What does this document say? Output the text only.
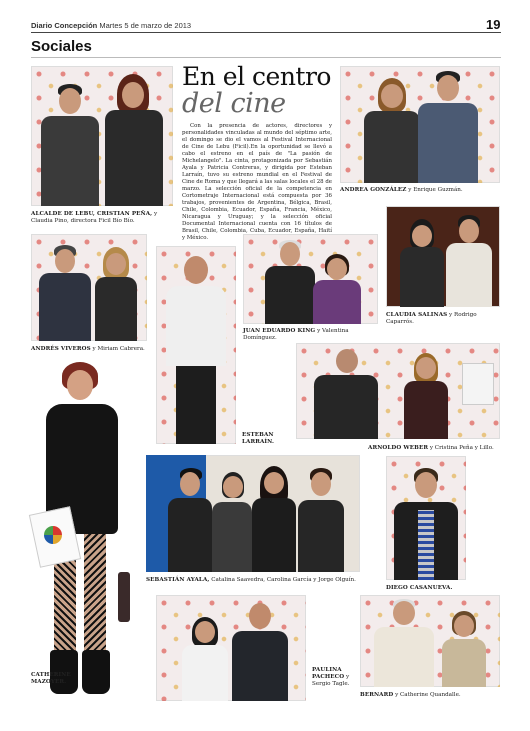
Diario Concepción Martes 5 de marzo de 2013	19
Sociales
ALCALDE DE LEBU, CRISTIAN PEÑA, y Claudia Pino, directora Ficil Bío Bío.
En el centro
del cine

Con la presencia de actores, directores y personalidades vinculadas al mundo del séptimo arte, el domingo se dio el vamos al Festival Internacional de Cine de Lebu (Ficil).En la oportunidad se llevó a cabo el estreno en el país de "La pasión de Michelangelo". La cinta, protagonizada por Sebastián Ayala y Patricia Contreras, y dirigida por Esteban Larraín, tuvo su estreno mundial en el Festival de Cine de Roma y que llegará a las salas locales el 28 de marzo. La selección oficial de la competencia en Cortometraje Internacional está compuesta por 36 trabajos, provenientes de Argentina, Bélgica, Brasil, Chile, Colombia, Ecuador, España, Francia, México, Nicaragua y Uruguay; y la selección oficial Documental Internacional cuenta con 16 títulos de Brasil, Chile, Colombia, Cuba, Ecuador, España, Haití y México.

ANDREA GONZÁLEZ y Enrique Guzmán.
CLAUDIA SALINAS y Rodrigo Caparrós.
ANDRÉS VIVEROS y Miriam Cabrera.
ESTEBAN LARRAÍN.
JUAN EDUARDO KING y Valentina Domínguez.
ARNOLDO WEBER y Cristina Peña y Lillo.
CATHERINE MAZOYER.
SEBASTIÁN AYALA, Catalina Saavedra, Carolina García y Jorge Olguín.
DIEGO CASANUEVA.
PAULINA PACHECO y Sergio Tagle.
BERNARD y Catherine Quandalle.
